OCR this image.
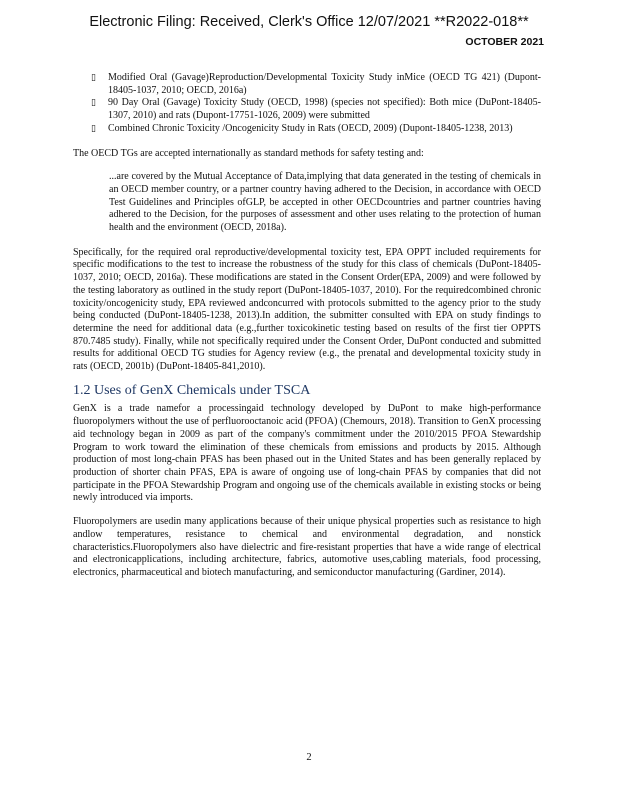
Electronic Filing: Received, Clerk's Office 12/07/2021 **R2022-018**
OCTOBER 2021
▯ Modified Oral (Gavage)Reproduction/Developmental Toxicity Study inMice (OECD TG 421) (Dupont-18405-1037, 2010; OECD, 2016a)
▯ 90 Day Oral (Gavage) Toxicity Study (OECD, 1998) (species not specified): Both mice (DuPont-18405-1307, 2010) and rats (Dupont-17751-1026, 2009) were submitted
▯ Combined Chronic Toxicity /Oncogenicity Study in Rats (OECD, 2009) (Dupont-18405-1238, 2013)

The OECD TGs are accepted internationally as standard methods for safety testing and:

...are covered by the Mutual Acceptance of Data,implying that data generated in the testing of chemicals in an OECD member country, or a partner country having adhered to the Decision, in accordance with OECD Test Guidelines and Principles ofGLP, be accepted in other OECDcountries and partner countries having adhered to the Decision, for the purposes of assessment and other uses relating to the protection of human health and the environment (OECD, 2018a).

Specifically, for the required oral reproductive/developmental toxicity test, EPA OPPT included requirements for specific modifications to the test to increase the robustness of the study for this class of chemicals (DuPont-18405-1037, 2010; OECD, 2016a). These modifications are stated in the Consent Order(EPA, 2009) and were followed by the testing laboratory as outlined in the study report (DuPont-18405-1037, 2010). For the requiredcombined chronic toxicity/oncogenicity study, EPA reviewed andconcurred with protocols submitted to the agency prior to the study being conducted (DuPont-18405-1238, 2013).In addition, the submitter consulted with EPA on study findings to determine the need for additional data (e.g.,further toxicokinetic testing based on results of the first tier OPPTS 870.7485 study). Finally, while not specifically required under the Consent Order, DuPont conducted and submitted results for additional OECD TG studies for Agency review (e.g., the prenatal and developmental toxicity study in rats (OECD, 2001b) (DuPont-18405-841,2010).

1.2 Uses of GenX Chemicals under TSCA

GenX is a trade namefor a processingaid technology developed by DuPont to make high-performance fluoropolymers without the use of perfluorooctanoic acid (PFOA) (Chemours, 2018). Transition to GenX processing aid technology began in 2009 as part of the company's commitment under the 2010/2015 PFOA Stewardship Program to work toward the elimination of these chemicals from emissions and products by 2015. Although production of most long-chain PFAS has been phased out in the United States and has been generally replaced by production of shorter chain PFAS, EPA is aware of ongoing use of long-chain PFAS by companies that did not participate in the PFOA Stewardship Program and ongoing use of the chemicals available in existing stocks or being newly introduced via imports.

Fluoropolymers are usedin many applications because of their unique physical properties such as resistance to high andlow temperatures, resistance to chemical and environmental degradation, and nonstick characteristics.Fluoropolymers also have dielectric and fire-resistant properties that have a wide range of electrical and electronicapplications, including architecture, fabrics, automotive uses,cabling materials, food processing, electronics, pharmaceutical and biotech manufacturing, and semiconductor manufacturing (Gardiner, 2014).

2
